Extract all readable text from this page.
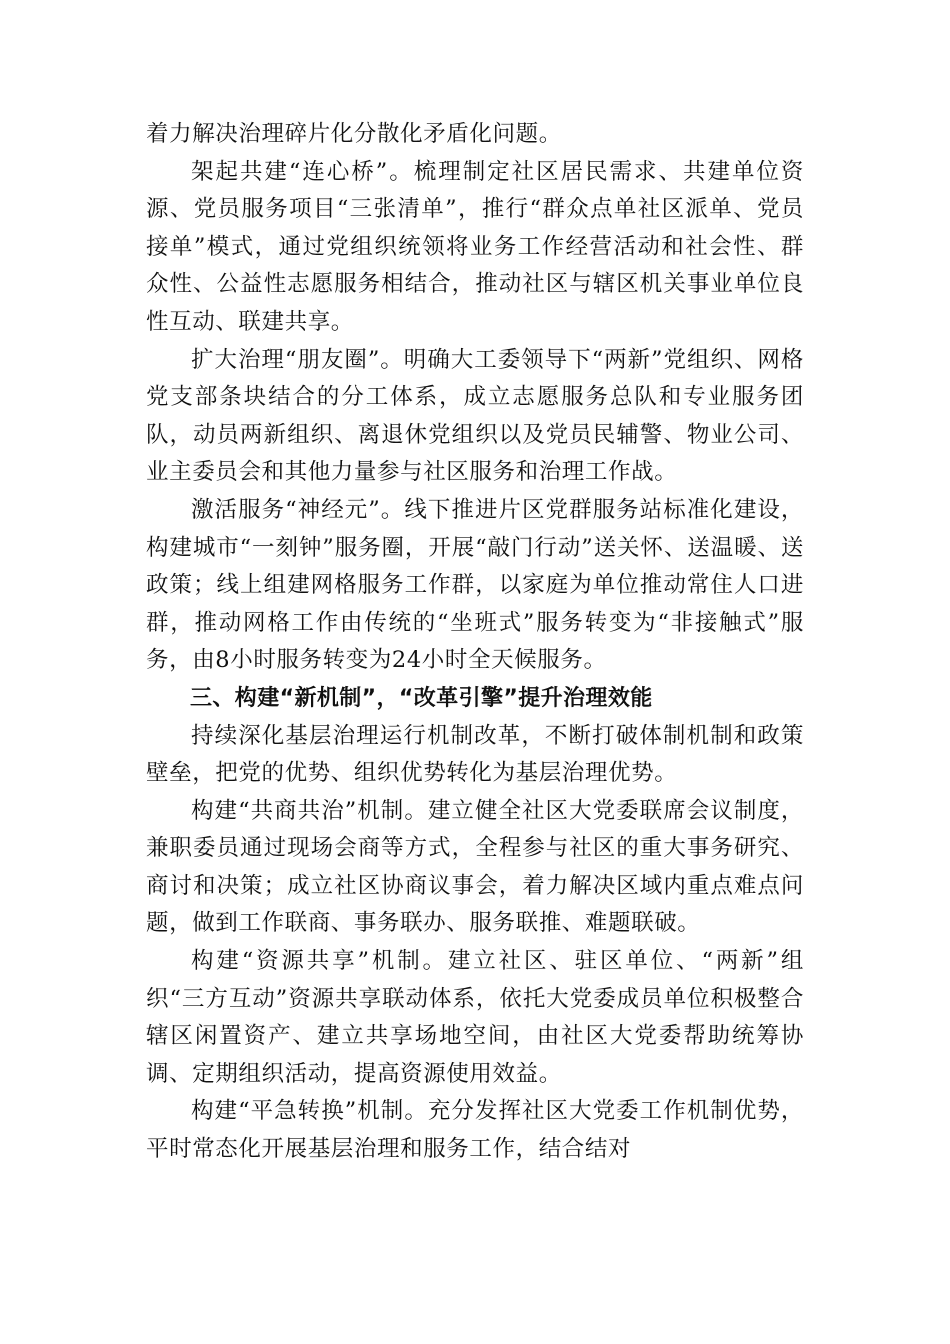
着力解决治理碎片化分散化矛盾化问题。

架起共建“连心桥”。梳理制定社区居民需求、共建单位资源、党员服务项目“三张清单”，推行“群众点单社区派单、党员接单”模式，通过党组织统领将业务工作经营活动和社会性、群众性、公益性志愿服务相结合，推动社区与辖区机关事业单位良性互动、联建共享。

扩大治理“朋友圈”。明确大工委领导下“两新”党组织、网格党支部条块结合的分工体系，成立志愿服务总队和专业服务团队，动员两新组织、离退休党组织以及党员民辅警、物业公司、业主委员会和其他力量参与社区服务和治理工作战。

激活服务“神经元”。线下推进片区党群服务站标准化建设，构建城市“一刻钟”服务圈，开展“敲门行动”送关怀、送温暖、送政策；线上组建网格服务工作群，以家庭为单位推动常住人口进群，推动网格工作由传统的“坐班式”服务转变为“非接触式”服务，由8小时服务转变为24小时全天候服务。

三、构建“新机制”，“改革引擎”提升治理效能

持续深化基层治理运行机制改革，不断打破体制机制和政策壁垒，把党的优势、组织优势转化为基层治理优势。

构建“共商共治”机制。建立健全社区大党委联席会议制度，兼职委员通过现场会商等方式，全程参与社区的重大事务研究、商讨和决策；成立社区协商议事会，着力解决区域内重点难点问题，做到工作联商、事务联办、服务联推、难题联破。

构建“资源共享”机制。建立社区、驻区单位、“两新”组织“三方互动”资源共享联动体系，依托大党委成员单位积极整合辖区闲置资产、建立共享场地空间，由社区大党委帮助统筹协调、定期组织活动，提高资源使用效益。

构建“平急转换”机制。充分发挥社区大党委工作机制优势，平时常态化开展基层治理和服务工作，结合结对
